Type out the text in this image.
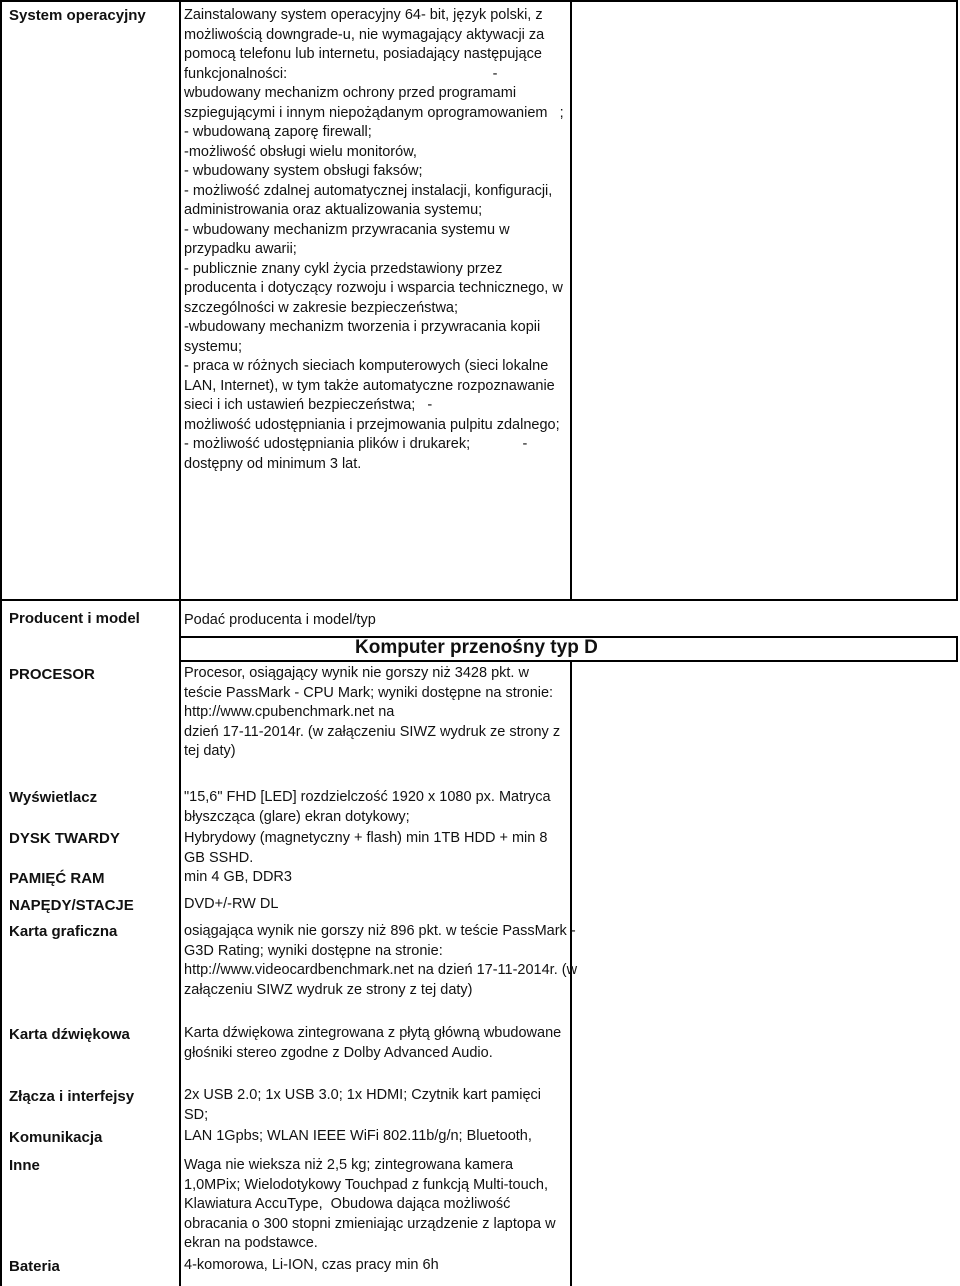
System operacyjny	Zainstalowany system operacyjny 64- bit, język polski, z możliwością downgrade-u, nie wymagający aktywacji za pomocą telefonu lub internetu, posiadający następujące funkcjonalności:                                                   -
wbudowany mechanizm ochrony przed programami szpiegującymi i innym niepożądanym oprogramowaniem   ;
- wbudowaną zaporę firewall;
-możliwość obsługi wielu monitorów,
- wbudowany system obsługi faksów;
- możliwość zdalnej automatycznej instalacji, konfiguracji, administrowania oraz aktualizowania systemu;
- wbudowany mechanizm przywracania systemu w przypadku awarii;
- publicznie znany cykl życia przedstawiony przez producenta i dotyczący rozwoju i wsparcia technicznego, w szczególności w zakresie bezpieczeństwa;
-wbudowany mechanizm tworzenia i przywracania kopii systemu;
- praca w różnych sieciach komputerowych (sieci lokalne LAN, Internet), w tym także automatyczne rozpoznawanie sieci i ich ustawień bezpieczeństwa;   -
możliwość udostępniania i przejmowania pulpitu zdalnego;
- możliwość udostępniania plików i drukarek;             -
dostępny od minimum 3 lat.
Producent i model	Podać producenta i model/typ
Komputer przenośny typ D
PROCESOR	Procesor, osiągający wynik nie gorszy niż 3428 pkt. w teście PassMark - CPU Mark; wyniki dostępne na stronie: http://www.cpubenchmark.net na
dzień 17-11-2014r. (w załączeniu SIWZ wydruk ze strony z tej daty)
Wyświetlacz	"15,6" FHD [LED] rozdzielczość 1920 x 1080 px. Matryca błyszcząca (glare) ekran dotykowy;
DYSK TWARDY	Hybrydowy (magnetyczny + flash) min 1TB HDD + min 8 GB SSHD.
PAMIĘĆ RAM	min 4 GB, DDR3
NAPĘDY/STACJE	DVD+/-RW DL
Karta graficzna	osiągająca wynik nie gorszy niż 896 pkt. w teście PassMark - G3D Rating; wyniki dostępne na stronie: http://www.videocardbenchmark.net na dzień 17-11-2014r. (w załączeniu SIWZ wydruk ze strony z tej daty)
Karta dźwiękowa	Karta dźwiękowa zintegrowana z płytą główną wbudowane głośniki stereo zgodne z Dolby Advanced Audio.
Złącza i interfejsy	2x USB 2.0; 1x USB 3.0; 1x HDMI; Czytnik kart pamięci SD;
Komunikacja	LAN 1Gpbs; WLAN IEEE WiFi 802.11b/g/n; Bluetooth,
Inne	Waga nie wieksza niż 2,5 kg; zintegrowana kamera 1,0MPix; Wielodotykowy Touchpad z funkcją Multi-touch, Klawiatura AccuType,  Obudowa dająca możliwość  obracania o 300 stopni zmieniając urządzenie z laptopa w ekran na podstawce.
Bateria	4-komorowa, Li-ION, czas pracy min 6h
